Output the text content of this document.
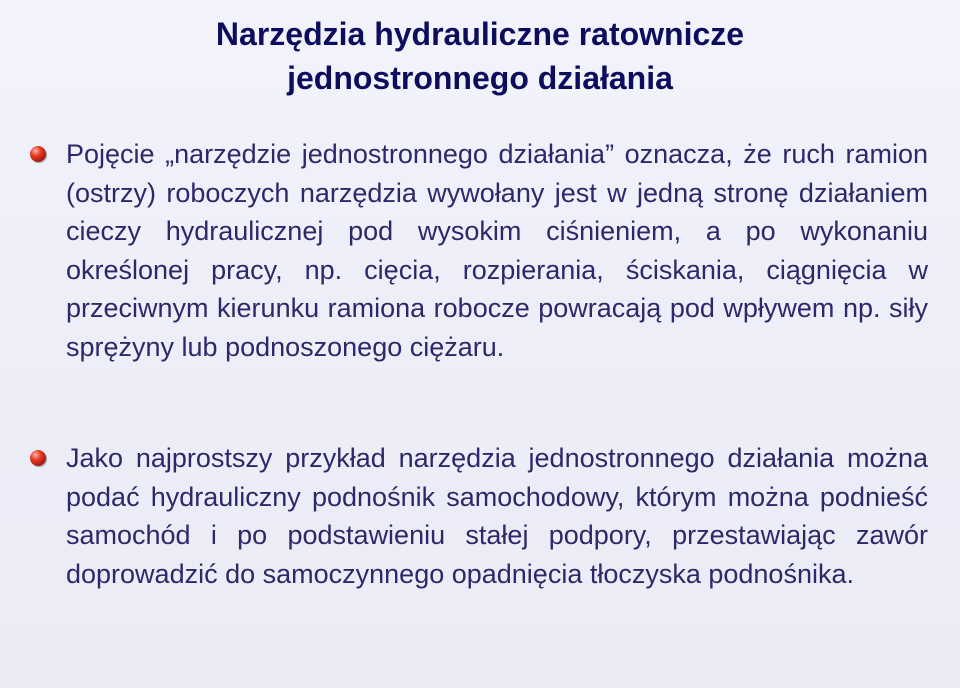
Narzędzia hydrauliczne ratownicze
jednostronnego działania

Pojęcie „narzędzie jednostronnego działania” oznacza, że ruch ramion (ostrzy) roboczych narzędzia wywołany jest w jedną stronę działaniem cieczy hydraulicznej pod wysokim ciśnieniem, a po wykonaniu określonej pracy, np. cięcia, rozpierania, ściskania, ciągnięcia w przeciwnym kierunku ramiona robocze powracają pod wpływem np. siły sprężyny lub podnoszonego ciężaru.

Jako najprostszy przykład narzędzia jednostronnego działania można podać hydrauliczny podnośnik samochodowy, którym można podnieść samochód i po podstawieniu stałej podpory, przestawiając zawór doprowadzić do samoczynnego opadnięcia tłoczyska podnośnika.
